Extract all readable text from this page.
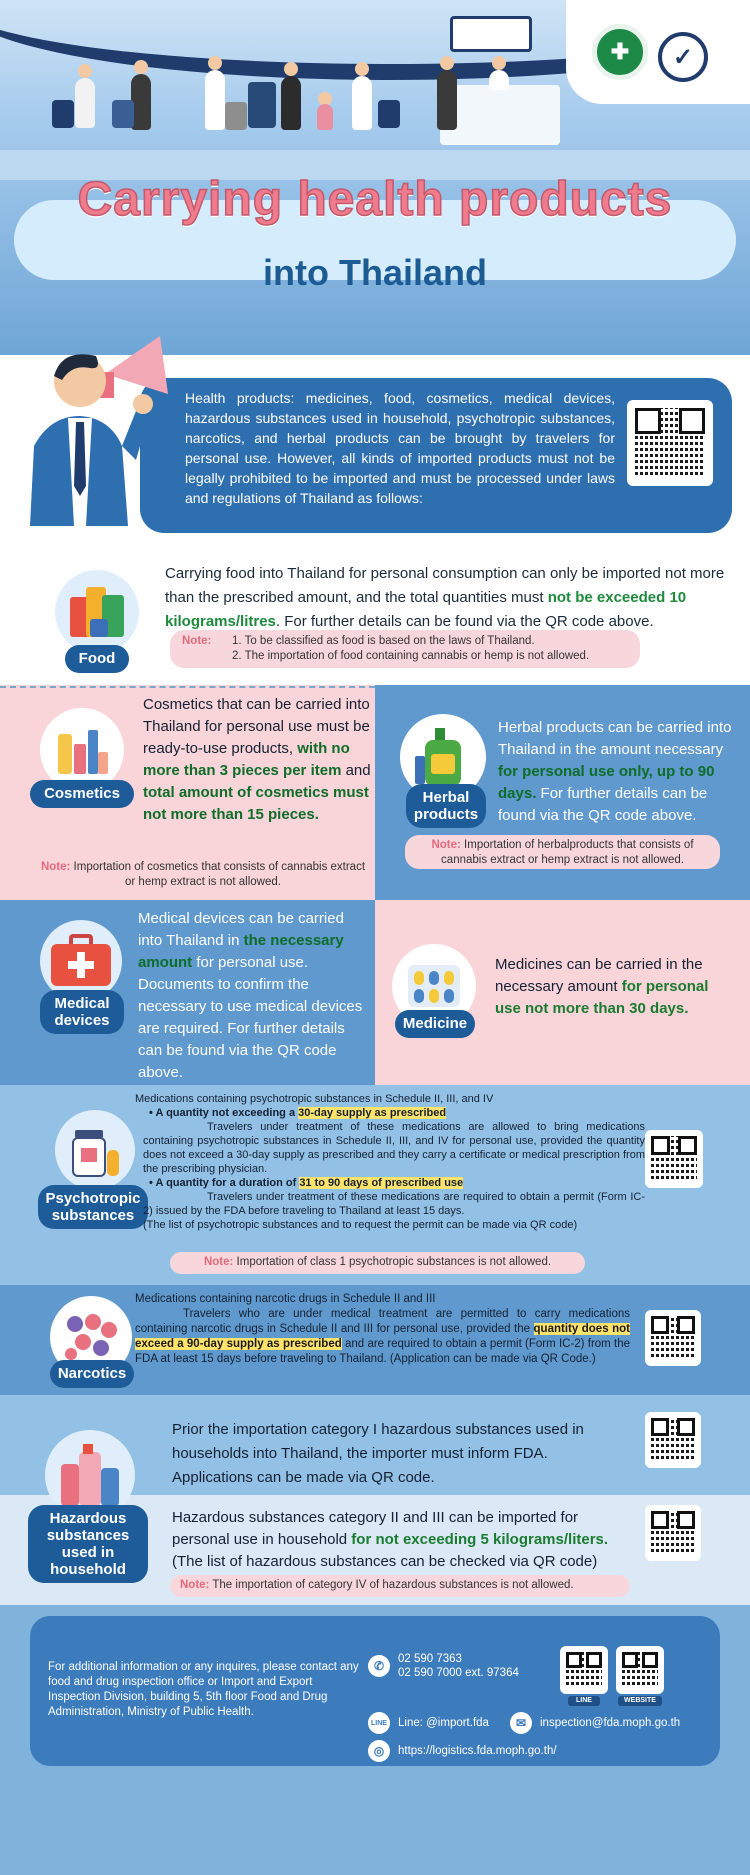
✚	✓
Carrying health products
into Thailand
Health products: medicines, food, cosmetics, medical devices, hazardous substances used in household, psychotropic substances, narcotics, and herbal products can be brought by travelers for personal use. However, all kinds of imported products must not be legally prohibited to be imported and must be processed under laws and regulations of Thailand as follows:
Food
Carrying food into Thailand for personal consumption can only be imported not more than the prescribed amount, and the total quantities must not be exceeded 10 kilograms/litres. For further details can be found via the QR code above.
Note: 1. To be classified as food is based on the laws of Thailand.
2. The importation of food containing cannabis or hemp is not allowed.
Cosmetics
Cosmetics that can be carried into Thailand for personal use must be ready-to-use products, with no more than 3 pieces per item and total amount of cosmetics must not more than 15 pieces.
Note: Importation of cosmetics that consists of cannabis extract or hemp extract is not allowed.
Herbal
products
Herbal products can be carried into Thailand in the amount necessary for personal use only, up to 90 days. For further details can be found via the QR code above.
Note: Importation of herbalproducts that consists of cannabis extract or hemp extract is not allowed.
Medical
devices
Medical devices can be carried into Thailand in the necessary amount for personal use. Documents to confirm the necessary to use medical devices are required. For further details can be found via the QR code above.
Medicine
Medicines can be carried in the necessary amount for personal use not more than 30 days.
Psychotropic
substances
Medications containing psychotropic substances in Schedule II, III, and IV
• A quantity not exceeding a 30-day supply as prescribed
Travelers under treatment of these medications are allowed to bring medications containing psychotropic substances in Schedule II, III, and IV for personal use, provided the quantity does not exceed a 30-day supply as prescribed and they carry a certificate or medical prescription from the prescribing physician.
• A quantity for a duration of 31 to 90 days of prescribed use
Travelers under treatment of these medications are required to obtain a permit (Form IC-2) issued by the FDA before traveling to Thailand at least 15 days.
(The list of psychotropic substances and to request the permit can be made via QR code)
Note: Importation of class 1 psychotropic substances is not allowed.
Narcotics
Medications containing narcotic drugs in Schedule II and III
Travelers who are under medical treatment are permitted to carry medications containing narcotic drugs in Schedule II and III for personal use, provided the quantity does not exceed a 90-day supply as prescribed and are required to obtain a permit (Form IC-2) from the FDA at least 15 days before traveling to Thailand. (Application can be made via QR Code.)
Hazardous
substances
used in
household
Prior the importation category I hazardous substances used in households into Thailand, the importer must inform FDA. Applications can be made via QR code.
Hazardous substances category II and III can be imported for personal use in household for not exceeding 5 kilograms/liters. (The list of hazardous substances can be checked via QR code)
Note: The importation of category IV of hazardous substances is not allowed.
For additional information or any inquires, please contact any food and drug inspection office or Import and Export Inspection Division, building 5, 5th floor Food and Drug Administration, Ministry of Public Health.
✆	02 590 7363
02 590 7000 ext. 97364
LINE	WEBSITE
LINE Line: @import.fda	✉	inspection@fda.moph.go.th
◎	https://logistics.fda.moph.go.th/
